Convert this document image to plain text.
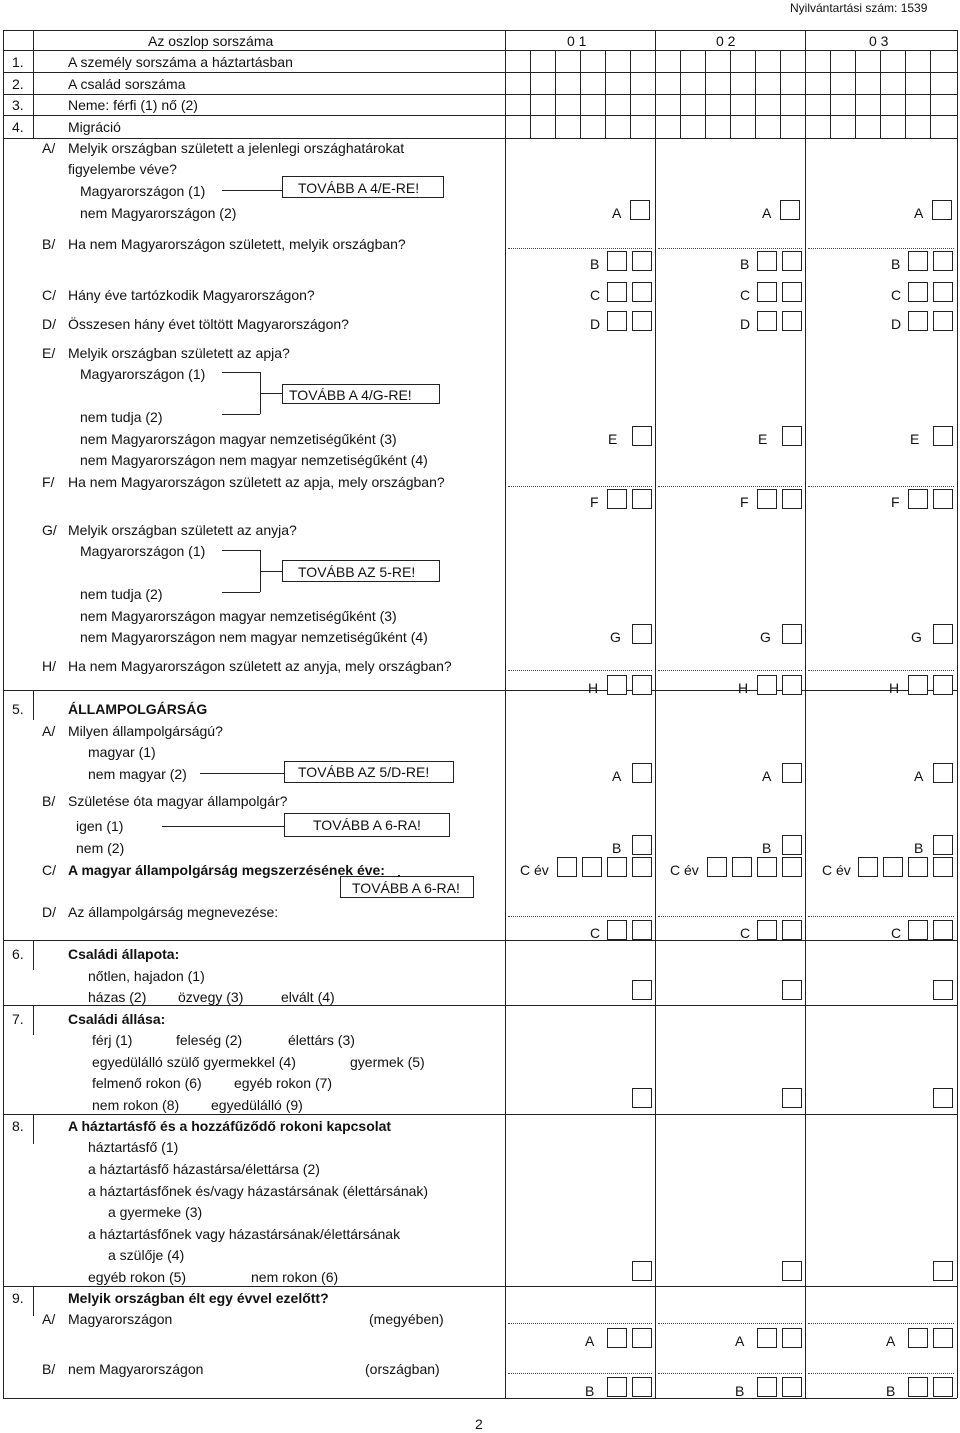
Nyilvántartási szám: 1539
Az oszlop sorszáma	0 1	0 2	0 3
1.	A személy sorszáma a háztartásban
2.	A család sorszáma
3.	Neme: férfi (1) nő (2)
4.	Migráció
A/ Melyik országban született a jelenlegi országhatárokat
figyelembe véve?
Magyarországon (1)
nem Magyarországon (2)
TOVÁBB A 4/E-RE!
A	A	A
B/ Ha nem Magyarországon született, melyik országban?
B	B	B
C/ Hány éve tartózkodik Magyarországon?	C	C	C
D/ Összesen hány évet töltött Magyarországon?	D	D	D
E/ Melyik országban született az apja?
Magyarországon (1)
nem tudja (2)
nem Magyarországon magyar nemzetiségűként (3)
nem Magyarországon nem magyar nemzetiségűként (4)
TOVÁBB A 4/G-RE!
E	E	E
F/ Ha nem Magyarországon született az apja, mely országban?
F	F	F
G/ Melyik országban született az anyja?
Magyarországon (1)
nem tudja (2)
nem Magyarországon magyar nemzetiségűként (3)
nem Magyarországon nem magyar nemzetiségűként (4)
TOVÁBB AZ 5-RE!
G	G	G
H/ Ha nem Magyarországon született az anyja, mely országban?
H	H	H
5.	ÁLLAMPOLGÁRSÁG
A/ Milyen állampolgárságú?
magyar (1)
nem magyar (2)	TOVÁBB AZ 5/D-RE!	A	A	A
B/ Születése óta magyar állampolgár?
igen (1)
nem (2)
TOVÁBB A 6-RA!
B	B	B
C/ A magyar állampolgárság megszerzésének éve:
TOVÁBB A 6-RA!
C év	C év	C év
D/ Az állampolgárság megnevezése:
C	C	C
6.	Családi állapota:
nőtlen, hajadon (1)
házas (2) özvegy (3)	elvált (4)
7.	Családi állása:
férj (1)	feleség (2)	élettárs (3)
egyedülálló szülő gyermekkel (4)	gyermek (5)
felmenő rokon (6) egyéb rokon (7)
nem rokon (8) egyedülálló (9)
8.	A háztartásfő és a hozzáfűződő rokoni kapcsolat
háztartásfő (1)
a háztartásfő házastársa/élettársa (2)
a háztartásfőnek és/vagy házastársának (élettársának)
a gyermeke (3)
a háztartásfőnek vagy házastársának/élettársának
a szülője (4)
egyéb rokon (5)	nem rokon (6)
9.	Melyik országban élt egy évvel ezelőtt?
A/ Magyarországon	(megyében)
A	A	A
B/ nem Magyarországon	(országban)
B	B	B
2
